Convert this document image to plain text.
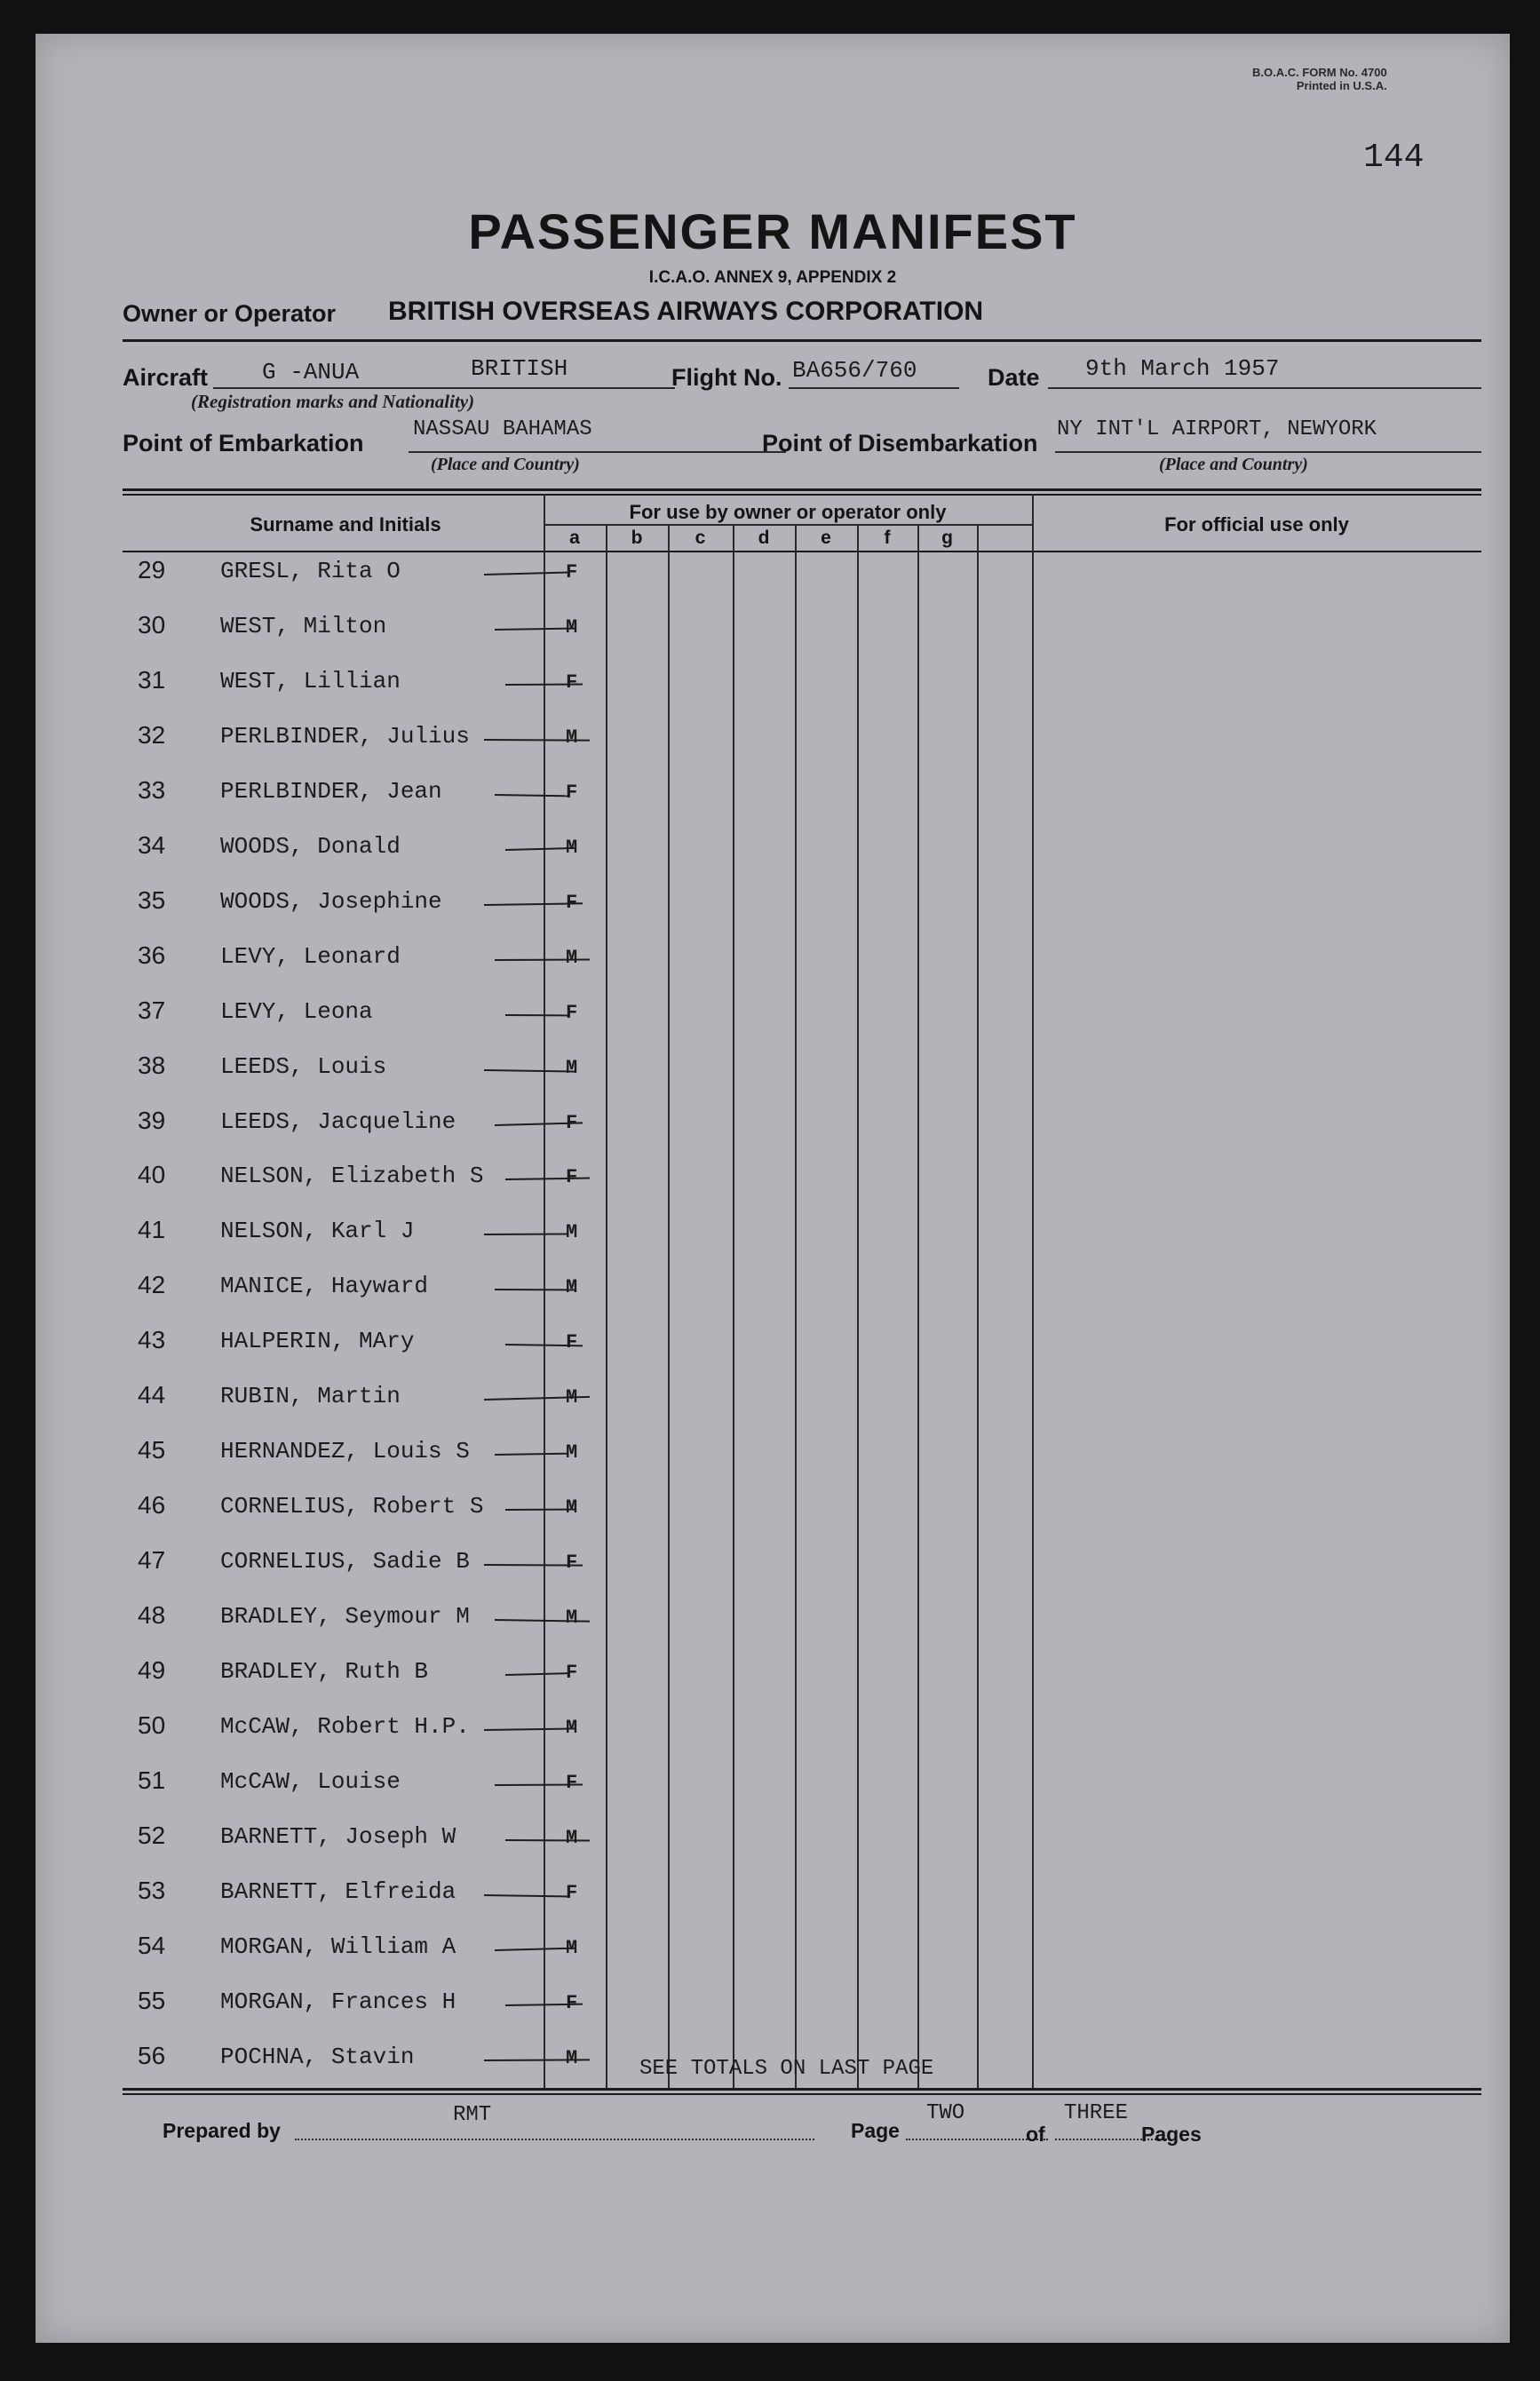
B.O.A.C. FORM No. 4700
Printed in U.S.A.
144
PASSENGER MANIFEST
I.C.A.O. ANNEX 9, APPENDIX 2
Owner or Operator BRITISH OVERSEAS AIRWAYS CORPORATION
Aircraft G -ANUA	BRITISH
(Registration marks and Nationality)
Flight No. BA656/760	Date 9th March 1957
Point of Embarkation
NASSAU BAHAMAS
(Place and Country)
Point of Disembarkation
NY INT'L AIRPORT, NEWYORK
(Place and Country)
Surname and Initials
For use by owner or operator only
For official use only
a	b	c	d	e	f	g
29 GRESL, Rita O	F
30 WEST, Milton	M
31 WEST, Lillian	F
32 PERLBINDER, Julius	M
33 PERLBINDER, Jean	F
34 WOODS, Donald	M
35 WOODS, Josephine	F
36 LEVY, Leonard	M
37 LEVY, Leona	F
38 LEEDS, Louis	M
39 LEEDS, Jacqueline	F
40 NELSON, Elizabeth S	F
41 NELSON, Karl J	M
42 MANICE, Hayward	M
43 HALPERIN, MAry	F
44 RUBIN, Martin	M
45 HERNANDEZ, Louis S	M
46 CORNELIUS, Robert S	M
47 CORNELIUS, Sadie B	F
48 BRADLEY, Seymour M	M
49 BRADLEY, Ruth B	F
50 McCAW, Robert H.P.	M
51 McCAW, Louise	F
52 BARNETT, Joseph W	M
53 BARNETT, Elfreida	F
54 MORGAN, William A	M
55 MORGAN, Frances H	F
56 POCHNA, Stavin	M	SEE TOTALS ON LAST PAGE
Prepared by
RMT
Page
TWO
of
THREE
Pages
